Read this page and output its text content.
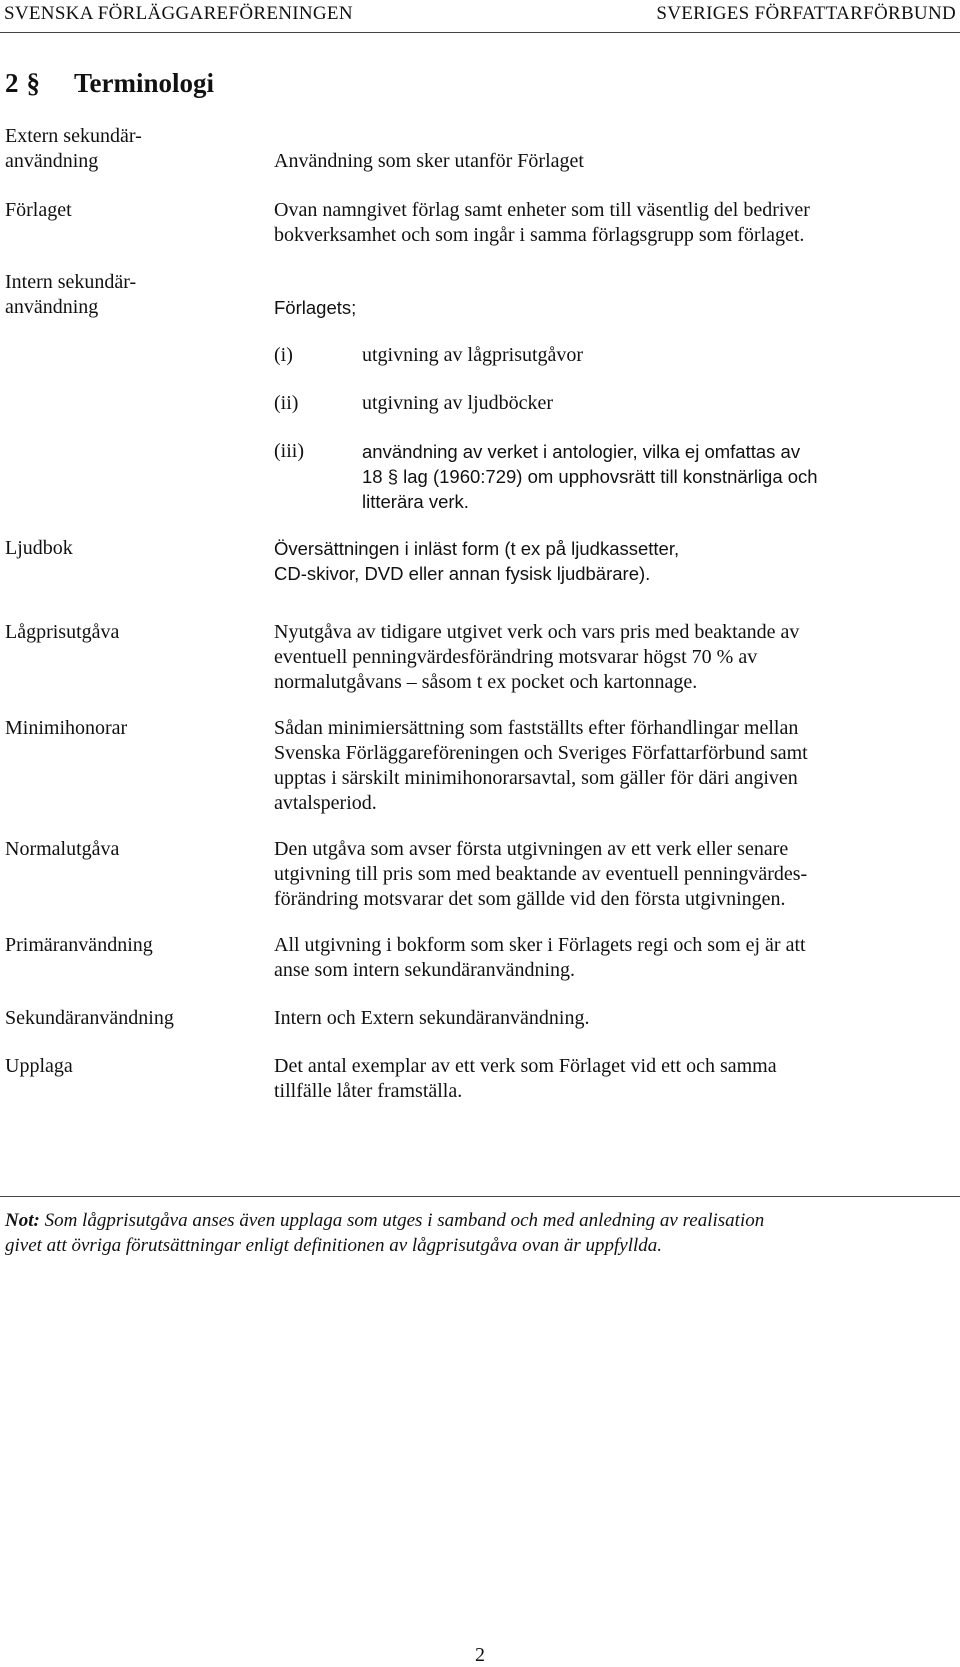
SVENSKA FÖRLÄGGAREFÖRENINGEN	SVERIGES FÖRFATTARFÖRBUND
2 § Terminologi
Extern sekundär-
användning	Användning som sker utanför Förlaget
Förlaget	Ovan namngivet förlag samt enheter som till väsentlig del bedriver
bokverksamhet och som ingår i samma förlagsgrupp som förlaget.
Intern sekundär-
användning	Förlagets;
(i)	utgivning av lågprisutgåvor
(ii)	utgivning av ljudböcker
(iii)	användning av verket i antologier, vilka ej omfattas av
18 § lag (1960:729) om upphovsrätt till konstnärliga och
litterära verk.
Ljudbok	Översättningen i inläst form (t ex på ljudkassetter,
CD-skivor, DVD eller annan fysisk ljudbärare).
Lågprisutgåva	Nyutgåva av tidigare utgivet verk och vars pris med beaktande av
eventuell penningvärdesförändring motsvarar högst 70 % av
normalutgåvans – såsom t ex pocket och kartonnage.
Minimihonorar	Sådan minimiersättning som fastställts efter förhandlingar mellan
Svenska Förläggareföreningen och Sveriges Författarförbund samt
upptas i särskilt minimihonorarsavtal, som gäller för däri angiven
avtalsperiod.
Normalutgåva	Den utgåva som avser första utgivningen av ett verk eller senare
utgivning till pris som med beaktande av eventuell penningvärdes-
förändring motsvarar det som gällde vid den första utgivningen.
Primäranvändning	All utgivning i bokform som sker i Förlagets regi och som ej är att
anse som intern sekundäranvändning.
Sekundäranvändning	Intern och Extern sekundäranvändning.
Upplaga	Det antal exemplar av ett verk som Förlaget vid ett och samma
tillfälle låter framställa.
Not: Som lågprisutgåva anses även upplaga som utges i samband och med anledning av realisation
givet att övriga förutsättningar enligt definitionen av lågprisutgåva ovan är uppfyllda.
2
